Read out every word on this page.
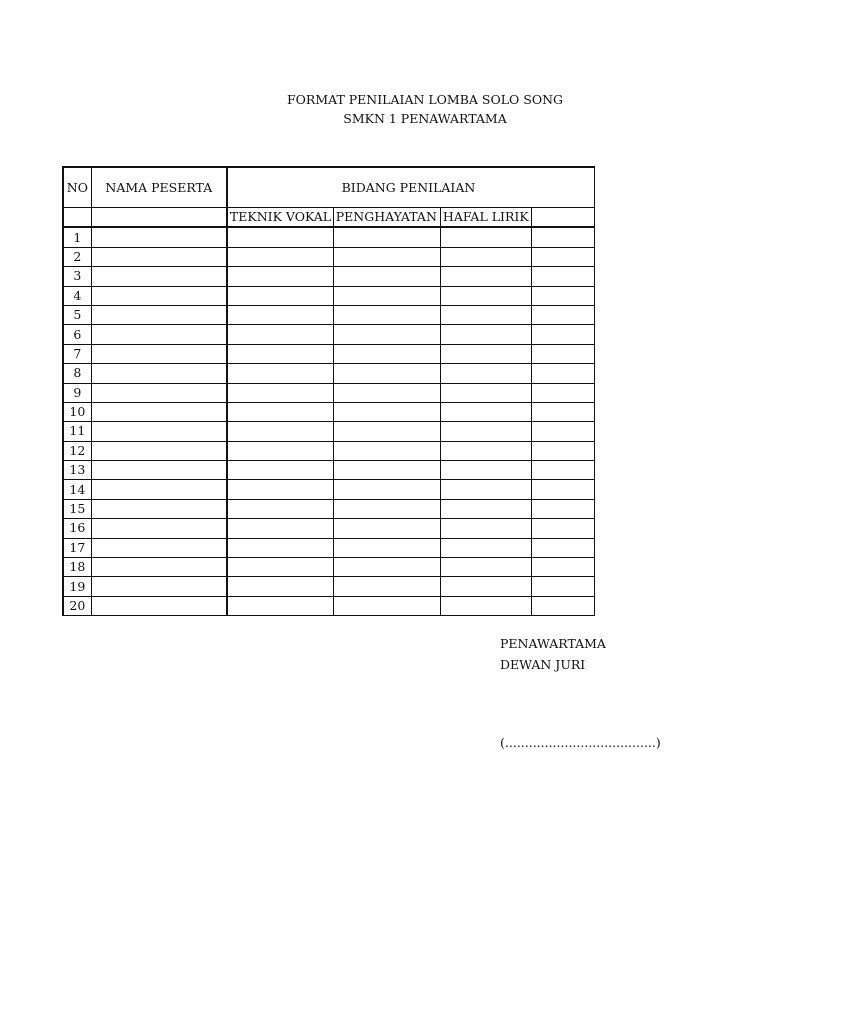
FORMAT PENILAIAN LOMBA SOLO SONG
SMKN 1 PENAWARTAMA
NO	NAMA PESERTA	BIDANG PENILAIAN			
		TEKNIK VOKAL	PENGHAYATAN	HAFAL LIRIK	
1					
2					
3					
4					
5					
6					
7					
8					
9					
10					
11					
12					
13					
14					
15					
16					
17					
18					
19					
20					
PENAWARTAMA
DEWAN JURI
(......................................)
